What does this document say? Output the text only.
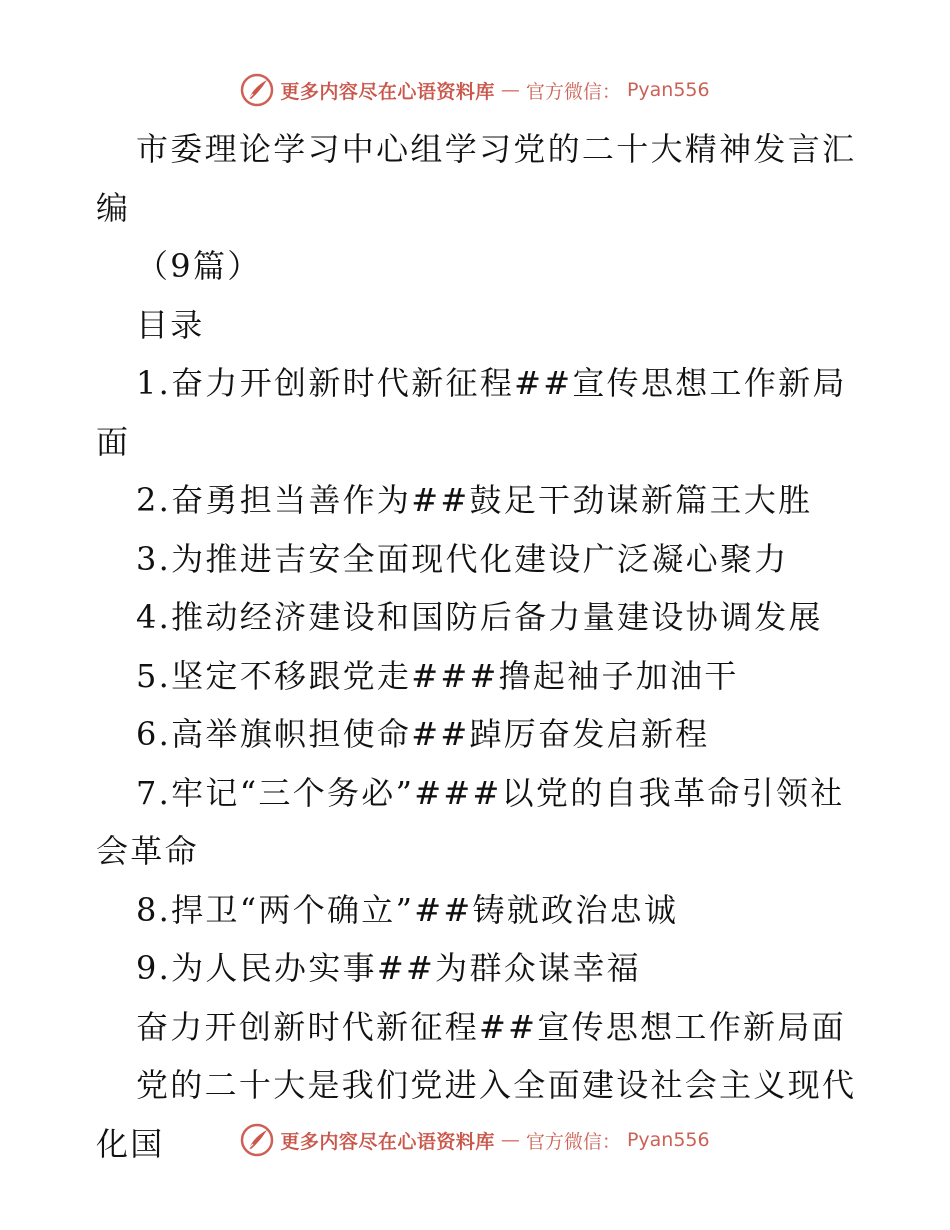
更多内容尽在心语资料库 — 官方微信： Pyan556

市委理论学习中心组学习党的二十大精神发言汇编

（9篇）

目录

1.奋力开创新时代新征程##宣传思想工作新局面

2.奋勇担当善作为##鼓足干劲谋新篇王大胜

3.为推进吉安全面现代化建设广泛凝心聚力

4.推动经济建设和国防后备力量建设协调发展

5.坚定不移跟党走###撸起袖子加油干

6.高举旗帜担使命##踔厉奋发启新程

7.牢记“三个务必”###以党的自我革命引领社会革命

8.捍卫“两个确立”##铸就政治忠诚

9.为人民办实事##为群众谋幸福

奋力开创新时代新征程##宣传思想工作新局面

党的二十大是我们党进入全面建设社会主义现代化国	更多内容尽在心语资料库 — 官方微信： Pyan556
